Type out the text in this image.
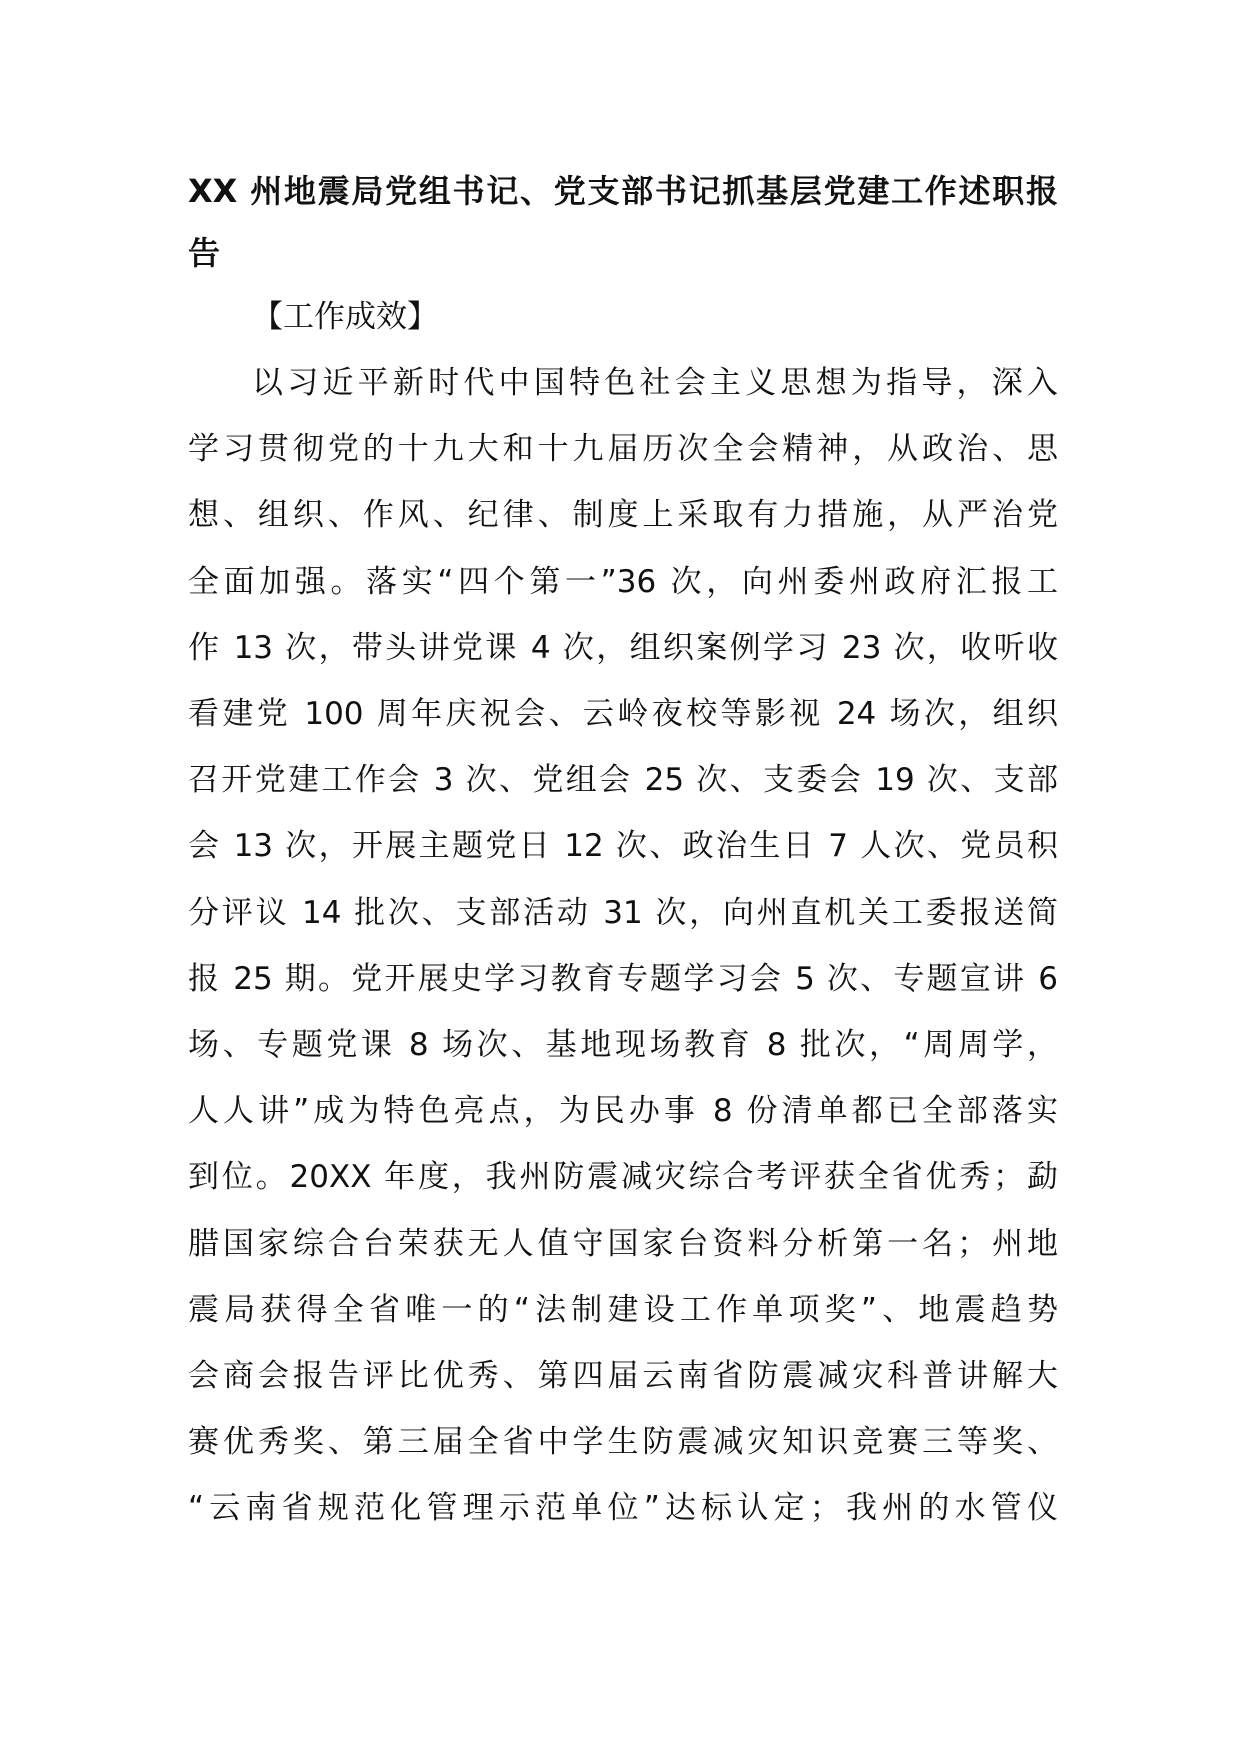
XX 州地震局党组书记、党支部书记抓基层党建工作述职报
告

【工作成效】

以习近平新时代中国特色社会主义思想为指导，深入
学习贯彻党的十九大和十九届历次全会精神，从政治、思
想、组织、作风、纪律、制度上采取有力措施，从严治党
全面加强。落实“四个第一”36 次，向州委州政府汇报工
作 13 次，带头讲党课 4 次，组织案例学习 23 次，收听收
看建党 100 周年庆祝会、云岭夜校等影视 24 场次，组织
召开党建工作会 3 次、党组会 25 次、支委会 19 次、支部
会 13 次，开展主题党日 12 次、政治生日 7 人次、党员积
分评议 14 批次、支部活动 31 次，向州直机关工委报送简
报 25 期。党开展史学习教育专题学习会 5 次、专题宣讲 6
场、专题党课 8 场次、基地现场教育 8 批次，“周周学，
人人讲”成为特色亮点，为民办事 8 份清单都已全部落实
到位。20XX 年度，我州防震减灾综合考评获全省优秀；勐
腊国家综合台荣获无人值守国家台资料分析第一名；州地
震局获得全省唯一的“法制建设工作单项奖”、地震趋势
会商会报告评比优秀、第四届云南省防震减灾科普讲解大
赛优秀奖、第三届全省中学生防震减灾知识竞赛三等奖、
“云南省规范化管理示范单位”达标认定；我州的水管仪
